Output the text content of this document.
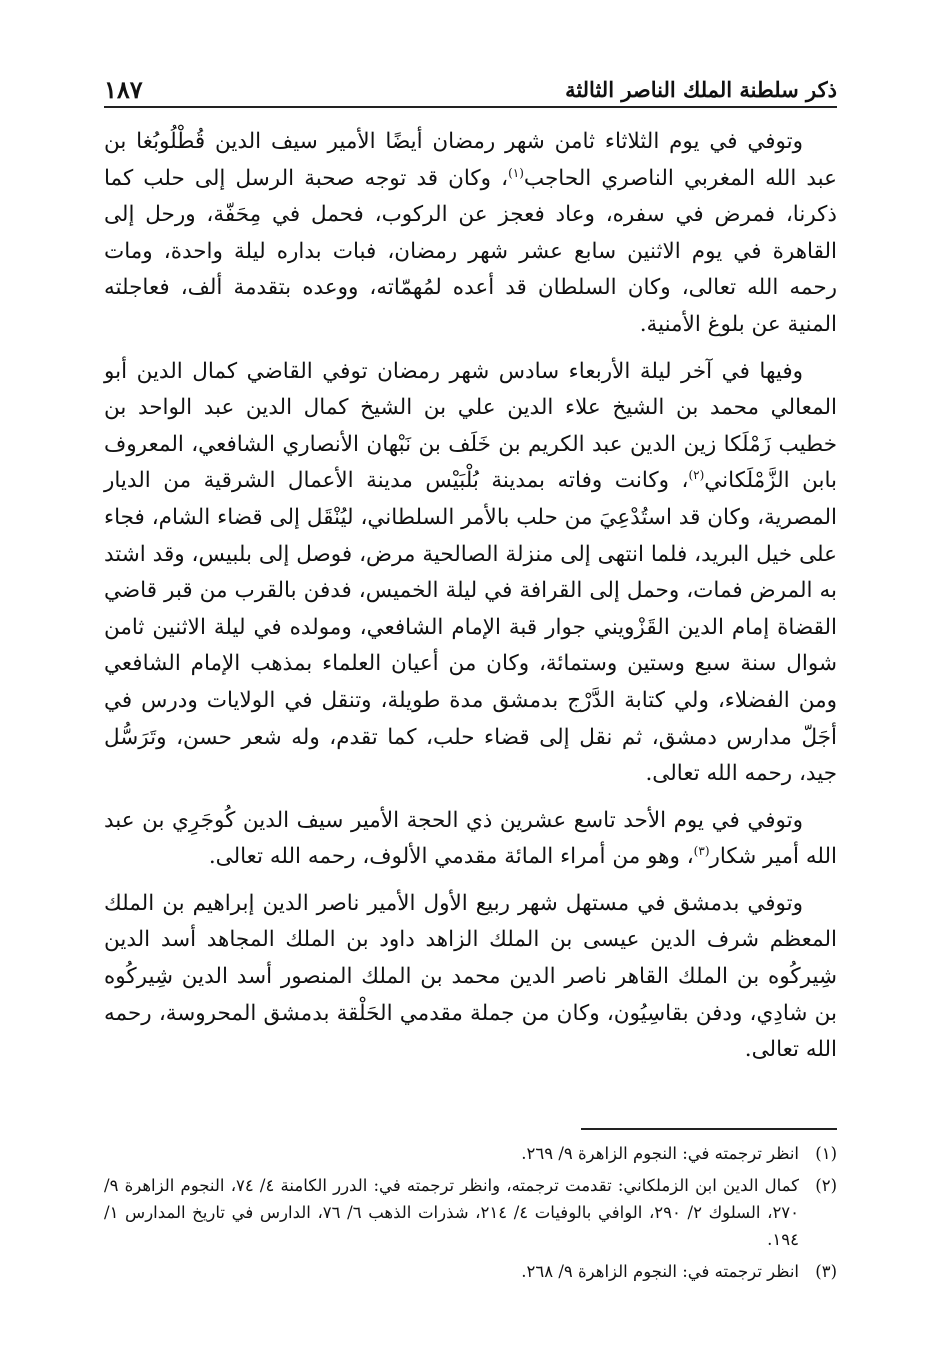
ذكر سلطنة الملك الناصر الثالثة
١٨٧

وتوفي في يوم الثلاثاء ثامن شهر رمضان أيضًا الأمير سيف الدين قُطْلُوبُغا بن عبد الله المغربي الناصري الحاجب$^{(١)}$، وكان قد توجه صحبة الرسل إلى حلب كما ذكرنا، فمرض في سفره، وعاد فعجز عن الركوب، فحمل في مِحَفّة، ورحل إلى القاهرة في يوم الاثنين سابع عشر شهر رمضان، فبات بداره ليلة واحدة، ومات رحمه الله تعالى، وكان السلطان قد أعده لمُهمّاته، ووعده بتقدمة ألف، فعاجلته المنية عن بلوغ الأمنية.

وفيها في آخر ليلة الأربعاء سادس شهر رمضان توفي القاضي كمال الدين أبو المعالي محمد بن الشيخ علاء الدين علي بن الشيخ كمال الدين عبد الواحد بن خطيب زَمْلَكا زين الدين عبد الكريم بن خَلَف بن نَبْهان الأنصاري الشافعي، المعروف بابن الزَّمْلَكاني$^{(٢)}$، وكانت وفاته بمدينة بُلْبَيْس مدينة الأعمال الشرقية من الديار المصرية، وكان قد استُدْعِيَ من حلب بالأمر السلطاني، ليُنْقَل إلى قضاء الشام، فجاء على خيل البريد، فلما انتهى إلى منزلة الصالحية مرض، فوصل إلى بلبيس، وقد اشتد به المرض فمات، وحمل إلى القرافة في ليلة الخميس، فدفن بالقرب من قبر قاضي القضاة إمام الدين القَزْويني جوار قبة الإمام الشافعي، ومولده في ليلة الاثنين ثامن شوال سنة سبع وستين وستمائة، وكان من أعيان العلماء بمذهب الإمام الشافعي ومن الفضلاء، ولي كتابة الدَّرْج بدمشق مدة طويلة، وتنقل في الولايات ودرس في أجَلّ مدارس دمشق، ثم نقل إلى قضاء حلب، كما تقدم، وله شعر حسن، وتَرَسُّل جيد، رحمه الله تعالى.

وتوفي في يوم الأحد تاسع عشرين ذي الحجة الأمير سيف الدين كُوجَرِي بن عبد الله أمير شكار$^{(٣)}$، وهو من أمراء المائة مقدمي الألوف، رحمه الله تعالى.

وتوفي بدمشق في مستهل شهر ربيع الأول الأمير ناصر الدين إبراهيم بن الملك المعظم شرف الدين عيسى بن الملك الزاهد داود بن الملك المجاهد أسد الدين شِيركُوه بن الملك القاهر ناصر الدين محمد بن الملك المنصور أسد الدين شِيركُوه بن شادِي، ودفن بقاسِيُون، وكان من جملة مقدمي الحَلْقة بدمشق المحروسة، رحمه الله تعالى.

(١)
انظر ترجمته في: النجوم الزاهرة ٩/ ٢٦٩.
(٢)
كمال الدين ابن الزملكاني: تقدمت ترجمته، وانظر ترجمته في: الدرر الكامنة ٤/ ٧٤، النجوم الزاهرة ٩/ ٢٧٠، السلوك ٢/ ٢٩٠، الوافي بالوفيات ٤/ ٢١٤، شذرات الذهب ٦/ ٧٦، الدارس في تاريخ المدارس ١/ ١٩٤.
(٣)
انظر ترجمته في: النجوم الزاهرة ٩/ ٢٦٨.
